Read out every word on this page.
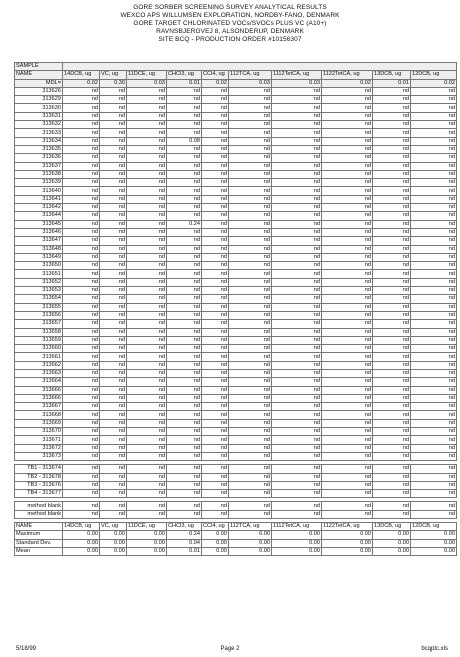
GORE SORBER SCREENING SURVEY ANALYTICAL RESULTS
WEXCO APS WILLUMSEN EXPLORATION, NORDBY-FANO, DENMARK
GORE TARGET CHLORINATED VOCs/SVOCs PLUS VC (A10+)
RAVNSBJERGVEJ 8, ALSONDERUP, DENMARK
SITE BCQ - PRODUCTION ORDER #10156307
SAMPLE										
NAME	14DCB, ug	VC, ug	11DCE, ug	CHCl3, ug	CCl4, ug	112TCA, ug	1112TetCA, ug	1122TetCA, ug	13DCB, ug	12DCB, ug
MDL=	0.02	0.30	0.03	0.01	0.02	0.03	0.03	0.02	0.01	0.02
313626	nd	nd	nd	nd	nd	nd	nd	nd	nd	nd
313629	nd	nd	nd	nd	nd	nd	nd	nd	nd	nd
313630	nd	nd	nd	nd	nd	nd	nd	nd	nd	nd
313631	nd	nd	nd	nd	nd	nd	nd	nd	nd	nd
313632	nd	nd	nd	nd	nd	nd	nd	nd	nd	nd
313633	nd	nd	nd	nd	nd	nd	nd	nd	nd	nd
313634	nd	nd	nd	0.08	nd	nd	nd	nd	nd	nd
313635	nd	nd	nd	nd	nd	nd	nd	nd	nd	nd
313636	nd	nd	nd	nd	nd	nd	nd	nd	nd	nd
313637	nd	nd	nd	nd	nd	nd	nd	nd	nd	nd
313638	nd	nd	nd	nd	nd	nd	nd	nd	nd	nd
313639	nd	nd	nd	nd	nd	nd	nd	nd	nd	nd
313640	nd	nd	nd	nd	nd	nd	nd	nd	nd	nd
313641	nd	nd	nd	nd	nd	nd	nd	nd	nd	nd
313642	nd	nd	nd	nd	nd	nd	nd	nd	nd	nd
313644	nd	nd	nd	nd	nd	nd	nd	nd	nd	nd
313645	nd	nd	nd	0.24	nd	nd	nd	nd	nd	nd
313646	nd	nd	nd	nd	nd	nd	nd	nd	nd	nd
313647	nd	nd	nd	nd	nd	nd	nd	nd	nd	nd
313648	nd	nd	nd	nd	nd	nd	nd	nd	nd	nd
313649	nd	nd	nd	nd	nd	nd	nd	nd	nd	nd
313650	nd	nd	nd	nd	nd	nd	nd	nd	nd	nd
313651	nd	nd	nd	nd	nd	nd	nd	nd	nd	nd
313652	nd	nd	nd	nd	nd	nd	nd	nd	nd	nd
313653	nd	nd	nd	nd	nd	nd	nd	nd	nd	nd
313654	nd	nd	nd	nd	nd	nd	nd	nd	nd	nd
313655	nd	nd	nd	nd	nd	nd	nd	nd	nd	nd
313656	nd	nd	nd	nd	nd	nd	nd	nd	nd	nd
313657	nd	nd	nd	nd	nd	nd	nd	nd	nd	nd
313658	nd	nd	nd	nd	nd	nd	nd	nd	nd	nd
313659	nd	nd	nd	nd	nd	nd	nd	nd	nd	nd
313660	nd	nd	nd	nd	nd	nd	nd	nd	nd	nd
313661	nd	nd	nd	nd	nd	nd	nd	nd	nd	nd
313662	nd	nd	nd	nd	nd	nd	nd	nd	nd	nd
313663	nd	nd	nd	nd	nd	nd	nd	nd	nd	nd
313664	nd	nd	nd	nd	nd	nd	nd	nd	nd	nd
313666	nd	nd	nd	nd	nd	nd	nd	nd	nd	nd
313666	nd	nd	nd	nd	nd	nd	nd	nd	nd	nd
313667	nd	nd	nd	nd	nd	nd	nd	nd	nd	nd
313668	nd	nd	nd	nd	nd	nd	nd	nd	nd	nd
313669	nd	nd	nd	nd	nd	nd	nd	nd	nd	nd
313670	nd	nd	nd	nd	nd	nd	nd	nd	nd	nd
313671	nd	nd	nd	nd	nd	nd	nd	nd	nd	nd
313672	nd	nd	nd	nd	nd	nd	nd	nd	nd	nd
313673	nd	nd	nd	nd	nd	nd	nd	nd	nd	nd

TB1 - 313674	nd	nd	nd	nd	nd	nd	nd	nd	nd	nd
TB2 - 313678	nd	nd	nd	nd	nd	nd	nd	nd	nd	nd
TB3 - 313676	nd	nd	nd	nd	nd	nd	nd	nd	nd	nd
TB4 - 313677	nd	nd	nd	nd	nd	nd	nd	nd	nd	nd

method blank	nd	nd	nd	nd	nd	nd	nd	nd	nd	nd
method blank	nd	nd	nd	nd	nd	nd	nd	nd	nd	nd

NAME	14DCB, ug	VC, ug	11DCE, ug	CHCl3, ug	CCl4, ug	112TCA, ug	1112TetCA, ug	1122TetCA, ug	13DCB, ug	12DCB, ug
Maximum	0.00	0.00	0.00	0.24	0.00	0.00	0.00	0.00	0.00	0.00
Standard Dev.	0.00	0.00	0.00	0.04	0.00	0.00	0.00	0.00	0.00	0.00
Mean	0.00	0.00	0.00	0.01	0.00	0.00	0.00	0.00	0.00	0.00
5/18/99	Page 2	bcqptc.xls
